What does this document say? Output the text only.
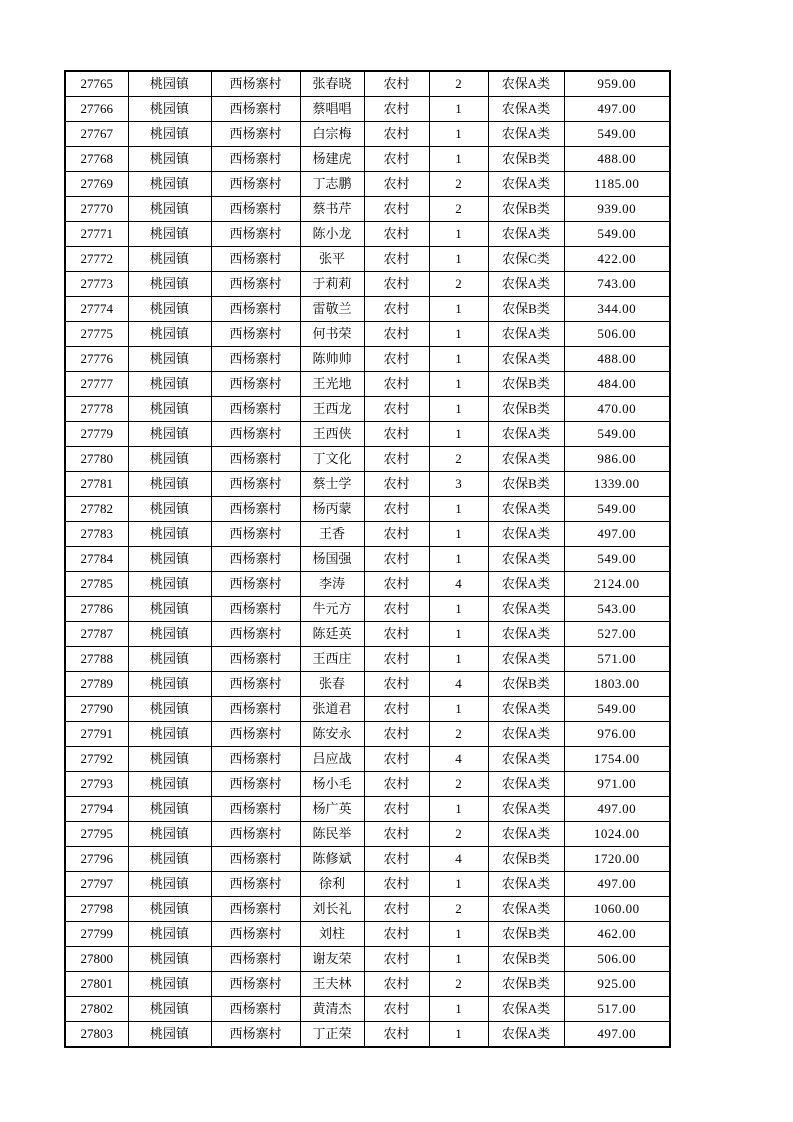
27765	桃园镇	西杨寨村	张春晓	农村	2	农保A类	959.00
27766	桃园镇	西杨寨村	蔡唱唱	农村	1	农保A类	497.00
27767	桃园镇	西杨寨村	白宗梅	农村	1	农保A类	549.00
27768	桃园镇	西杨寨村	杨建虎	农村	1	农保B类	488.00
27769	桃园镇	西杨寨村	丁志鹏	农村	2	农保A类	1185.00
27770	桃园镇	西杨寨村	蔡书芹	农村	2	农保B类	939.00
27771	桃园镇	西杨寨村	陈小龙	农村	1	农保A类	549.00
27772	桃园镇	西杨寨村	张平	农村	1	农保C类	422.00
27773	桃园镇	西杨寨村	于莉莉	农村	2	农保A类	743.00
27774	桃园镇	西杨寨村	雷敬兰	农村	1	农保B类	344.00
27775	桃园镇	西杨寨村	何书荣	农村	1	农保A类	506.00
27776	桃园镇	西杨寨村	陈帅帅	农村	1	农保A类	488.00
27777	桃园镇	西杨寨村	王光地	农村	1	农保B类	484.00
27778	桃园镇	西杨寨村	王西龙	农村	1	农保B类	470.00
27779	桃园镇	西杨寨村	王西侠	农村	1	农保A类	549.00
27780	桃园镇	西杨寨村	丁文化	农村	2	农保A类	986.00
27781	桃园镇	西杨寨村	蔡士学	农村	3	农保B类	1339.00
27782	桃园镇	西杨寨村	杨丙蒙	农村	1	农保A类	549.00
27783	桃园镇	西杨寨村	王香	农村	1	农保A类	497.00
27784	桃园镇	西杨寨村	杨国强	农村	1	农保A类	549.00
27785	桃园镇	西杨寨村	李涛	农村	4	农保A类	2124.00
27786	桃园镇	西杨寨村	牛元方	农村	1	农保A类	543.00
27787	桃园镇	西杨寨村	陈廷英	农村	1	农保A类	527.00
27788	桃园镇	西杨寨村	王西庄	农村	1	农保A类	571.00
27789	桃园镇	西杨寨村	张春	农村	4	农保B类	1803.00
27790	桃园镇	西杨寨村	张道君	农村	1	农保A类	549.00
27791	桃园镇	西杨寨村	陈安永	农村	2	农保A类	976.00
27792	桃园镇	西杨寨村	吕应战	农村	4	农保A类	1754.00
27793	桃园镇	西杨寨村	杨小毛	农村	2	农保A类	971.00
27794	桃园镇	西杨寨村	杨广英	农村	1	农保A类	497.00
27795	桃园镇	西杨寨村	陈民举	农村	2	农保A类	1024.00
27796	桃园镇	西杨寨村	陈修斌	农村	4	农保B类	1720.00
27797	桃园镇	西杨寨村	徐利	农村	1	农保A类	497.00
27798	桃园镇	西杨寨村	刘长礼	农村	2	农保A类	1060.00
27799	桃园镇	西杨寨村	刘柱	农村	1	农保B类	462.00
27800	桃园镇	西杨寨村	谢友荣	农村	1	农保B类	506.00
27801	桃园镇	西杨寨村	王夫林	农村	2	农保B类	925.00
27802	桃园镇	西杨寨村	黄清杰	农村	1	农保A类	517.00
27803	桃园镇	西杨寨村	丁正荣	农村	1	农保A类	497.00
